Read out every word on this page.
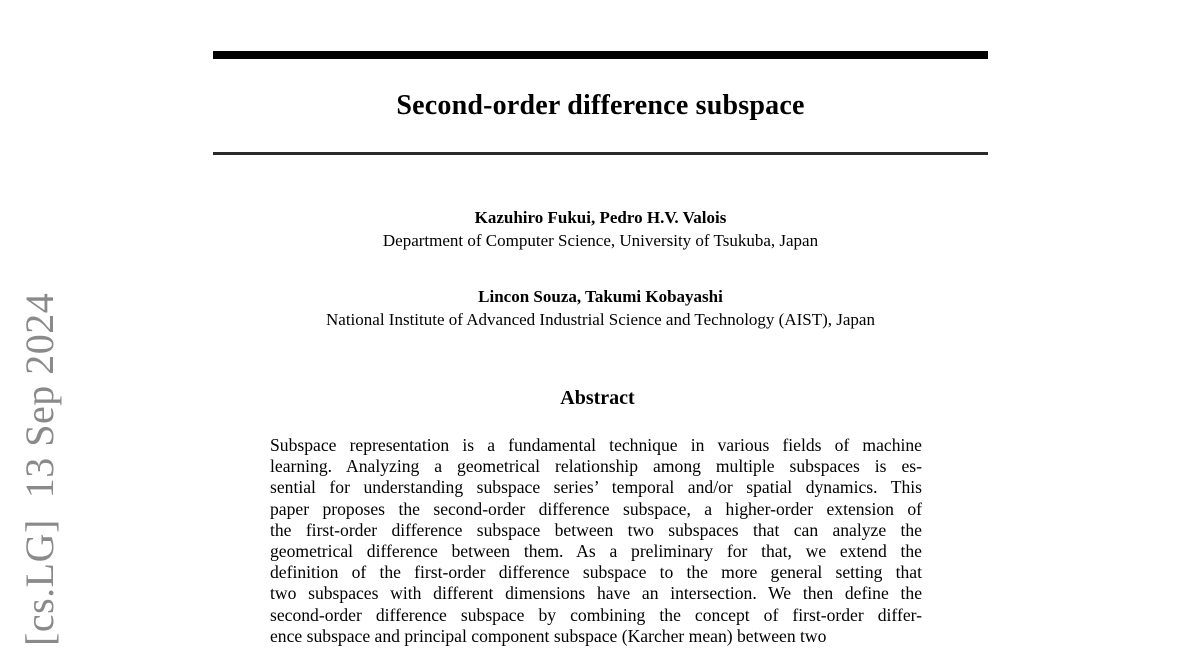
Second-order difference subspace
Kazuhiro Fukui, Pedro H.V. Valois
Department of Computer Science, University of Tsukuba, Japan
Lincon Souza, Takumi Kobayashi
National Institute of Advanced Industrial Science and Technology (AIST), Japan
Abstract
Subspace representation is a fundamental technique in various fields of machine
learning. Analyzing a geometrical relationship among multiple subspaces is es-
sential for understanding subspace series’ temporal and/or spatial dynamics. This
paper proposes the second-order difference subspace, a higher-order extension of
the first-order difference subspace between two subspaces that can analyze the
geometrical difference between them. As a preliminary for that, we extend the
definition of the first-order difference subspace to the more general setting that
two subspaces with different dimensions have an intersection. We then define the
second-order difference subspace by combining the concept of first-order differ-
ence subspace and principal component subspace (Karcher mean) between two
[cs.LG]  13 Sep 2024
